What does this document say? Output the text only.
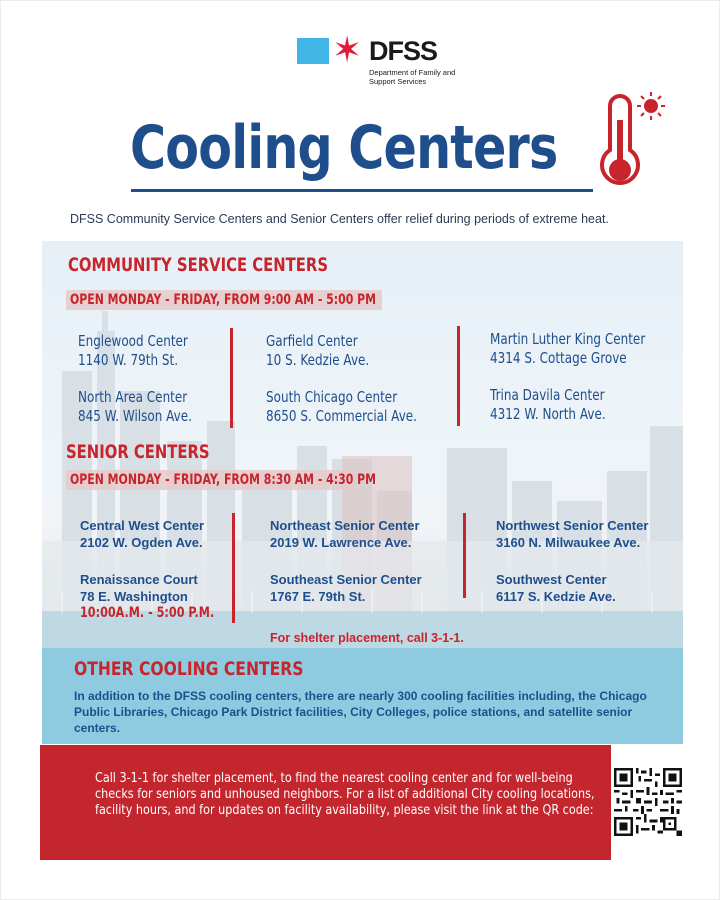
✶ DFSS
Department of Family and Support Services
Cooling Centers
DFSS Community Service Centers and Senior Centers offer relief during periods of extreme heat.
COMMUNITY SERVICE CENTERS
OPEN MONDAY - FRIDAY, FROM 9:00 AM - 5:00 PM
Englewood Center
1140 W. 79th St.
Garfield Center
10 S. Kedzie Ave.
Martin Luther King Center
4314 S. Cottage Grove
North Area Center
845 W. Wilson Ave.
South Chicago Center
8650 S. Commercial Ave.
Trina Davila Center
4312 W. North Ave.
SENIOR CENTERS
OPEN MONDAY - FRIDAY, FROM 8:30 AM - 4:30 PM
Central West Center
2102 W. Ogden Ave.
Northeast Senior Center
2019 W. Lawrence Ave.
Northwest Senior Center
3160 N. Milwaukee Ave.
Renaissance Court
78 E. Washington
10:00A.M. - 5:00 P.M.
Southeast Senior Center
1767 E. 79th St.
Southwest Center
6117 S. Kedzie Ave.
For shelter placement, call 3-1-1.
OTHER COOLING CENTERS
In addition to the DFSS cooling centers, there are nearly 300 cooling facilities including, the Chicago Public Libraries, Chicago Park District facilities, City Colleges, police stations, and satellite senior centers.

Call 3-1-1 for shelter placement, to find the nearest cooling center and for well-being checks for seniors and unhoused neighbors. For a list of additional City cooling locations, facility hours, and for updates on facility availability, please visit the link at the QR code:
